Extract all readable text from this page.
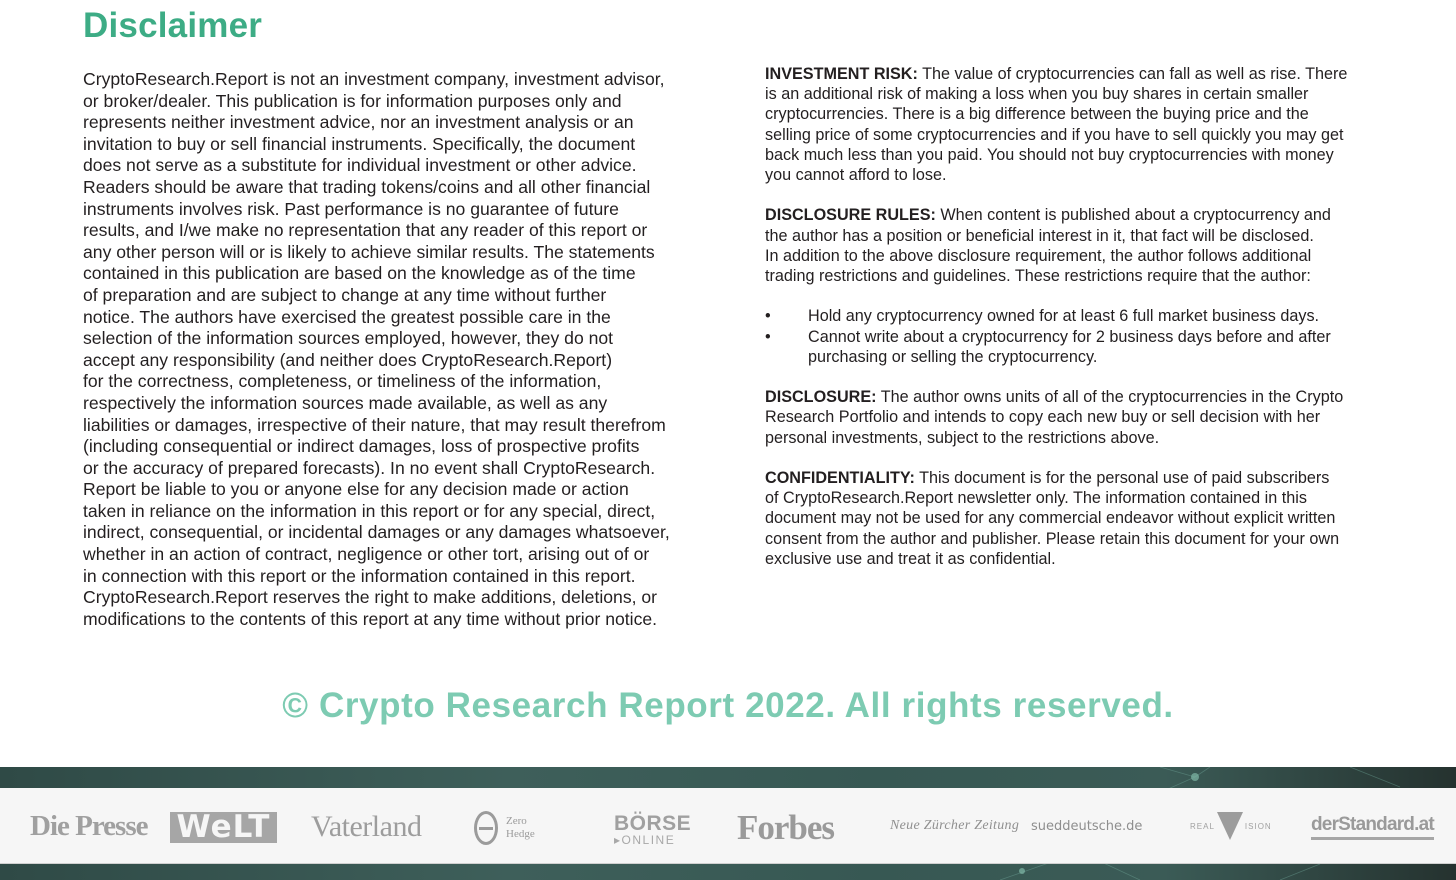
Disclaimer
CryptoResearch.Report is not an investment company, investment advisor,
or broker/dealer. This publication is for information purposes only and
represents neither investment advice, nor an investment analysis or an
invitation to buy or sell financial instruments. Specifically, the document
does not serve as a substitute for individual investment or other advice.
Readers should be aware that trading tokens/coins and all other financial
instruments involves risk. Past performance is no guarantee of future
results, and I/we make no representation that any reader of this report or
any other person will or is likely to achieve similar results. The statements
contained in this publication are based on the knowledge as of the time
of preparation and are subject to change at any time without further
notice. The authors have exercised the greatest possible care in the
selection of the information sources employed, however, they do not
accept any responsibility (and neither does CryptoResearch.Report)
for the correctness, completeness, or timeliness of the information,
respectively the information sources made available, as well as any
liabilities or damages, irrespective of their nature, that may result therefrom
(including consequential or indirect damages, loss of prospective profits
or the accuracy of prepared forecasts). In no event shall CryptoResearch.
Report be liable to you or anyone else for any decision made or action
taken in reliance on the information in this report or for any special, direct,
indirect, consequential, or incidental damages or any damages whatsoever,
whether in an action of contract, negligence or other tort, arising out of or
in connection with this report or the information contained in this report.
CryptoResearch.Report reserves the right to make additions, deletions, or
modifications to the contents of this report at any time without prior notice.
INVESTMENT RISK: The value of cryptocurrencies can fall as well as rise. There
is an additional risk of making a loss when you buy shares in certain smaller
cryptocurrencies. There is a big difference between the buying price and the
selling price of some cryptocurrencies and if you have to sell quickly you may get
back much less than you paid. You should not buy cryptocurrencies with money
you cannot afford to lose.
DISCLOSURE RULES: When content is published about a cryptocurrency and
the author has a position or beneficial interest in it, that fact will be disclosed.
In addition to the above disclosure requirement, the author follows additional
trading restrictions and guidelines. These restrictions require that the author:
•	Hold any cryptocurrency owned for at least 6 full market business days.
•	Cannot write about a cryptocurrency for 2 business days before and after
purchasing or selling the cryptocurrency.
DISCLOSURE: The author owns units of all of the cryptocurrencies in the Crypto
Research Portfolio and intends to copy each new buy or sell decision with her
personal investments, subject to the restrictions above.
CONFIDENTIALITY: This document is for the personal use of paid subscribers
of CryptoResearch.Report newsletter only. The information contained in this
document may not be used for any commercial endeavor without explicit written
consent from the author and publisher. Please retain this document for your own
exclusive use and treat it as confidential.
© Crypto Research Report 2022. All rights reserved.
Die Presse WeLT Vaterland	Zero
Hedge	BÖRSE
▸ONLINE	Forbes	Neue Zürcher Zeitung sueddeutsche.de	REAL	ISION derStandard.at
